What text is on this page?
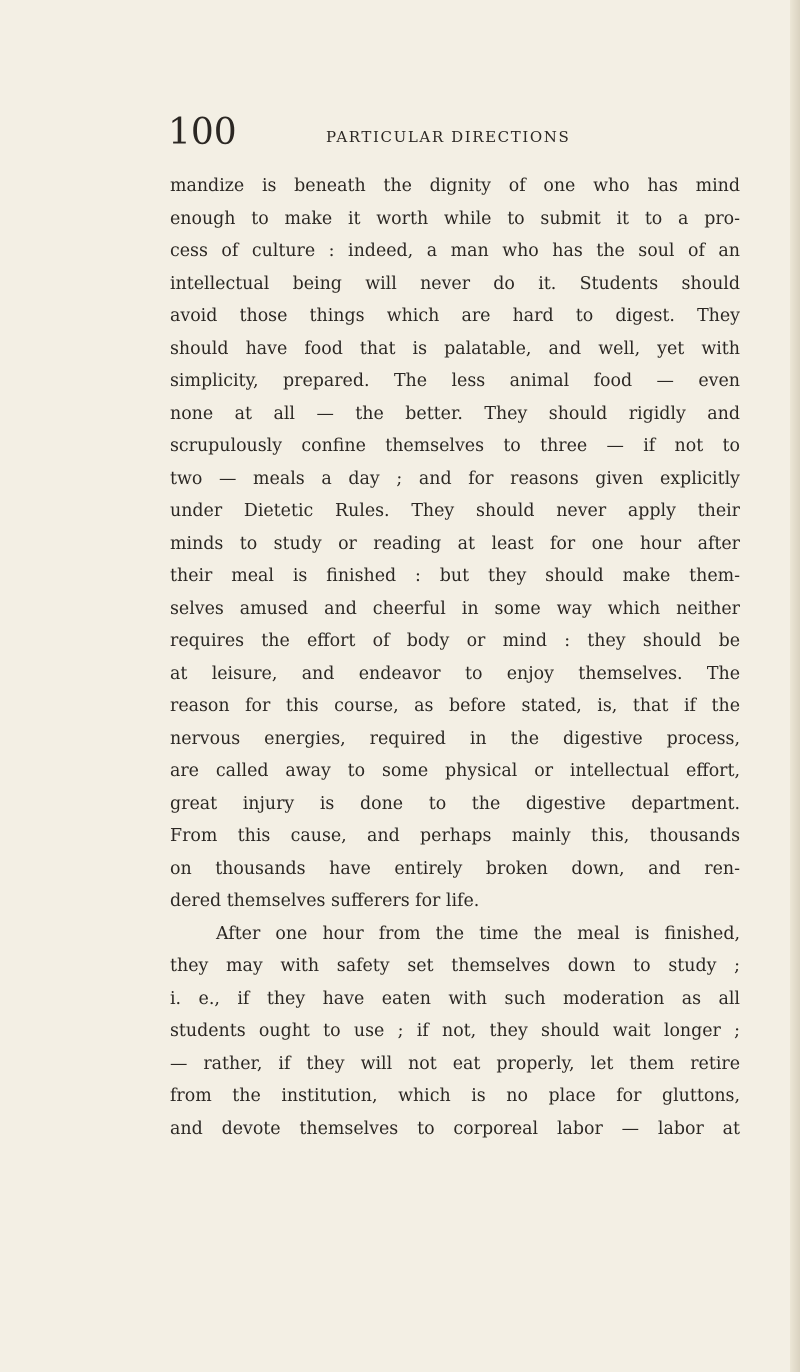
100	PARTICULAR DIRECTIONS
mandize is beneath the dignity of one who has mind
enough to make it worth while to submit it to a pro-
cess of culture : indeed, a man who has the soul of an
intellectual being will never do it. Students should
avoid those things which are hard to digest. They
should have food that is palatable, and well, yet with
simplicity, prepared. The less animal food — even
none at all — the better. They should rigidly and
scrupulously confine themselves to three — if not to
two — meals a day ; and for reasons given explicitly
under Dietetic Rules. They should never apply their
minds to study or reading at least for one hour after
their meal is finished : but they should make them-
selves amused and cheerful in some way which neither
requires the effort of body or mind : they should be
at leisure, and endeavor to enjoy themselves. The
reason for this course, as before stated, is, that if the
nervous energies, required in the digestive process,
are called away to some physical or intellectual effort,
great injury is done to the digestive department.
From this cause, and perhaps mainly this, thousands
on thousands have entirely broken down, and ren-
dered themselves sufferers for life.
After one hour from the time the meal is finished,
they may with safety set themselves down to study ;
i. e., if they have eaten with such moderation as all
students ought to use ; if not, they should wait longer ;
— rather, if they will not eat properly, let them retire
from the institution, which is no place for gluttons,
and devote themselves to corporeal labor — labor at
